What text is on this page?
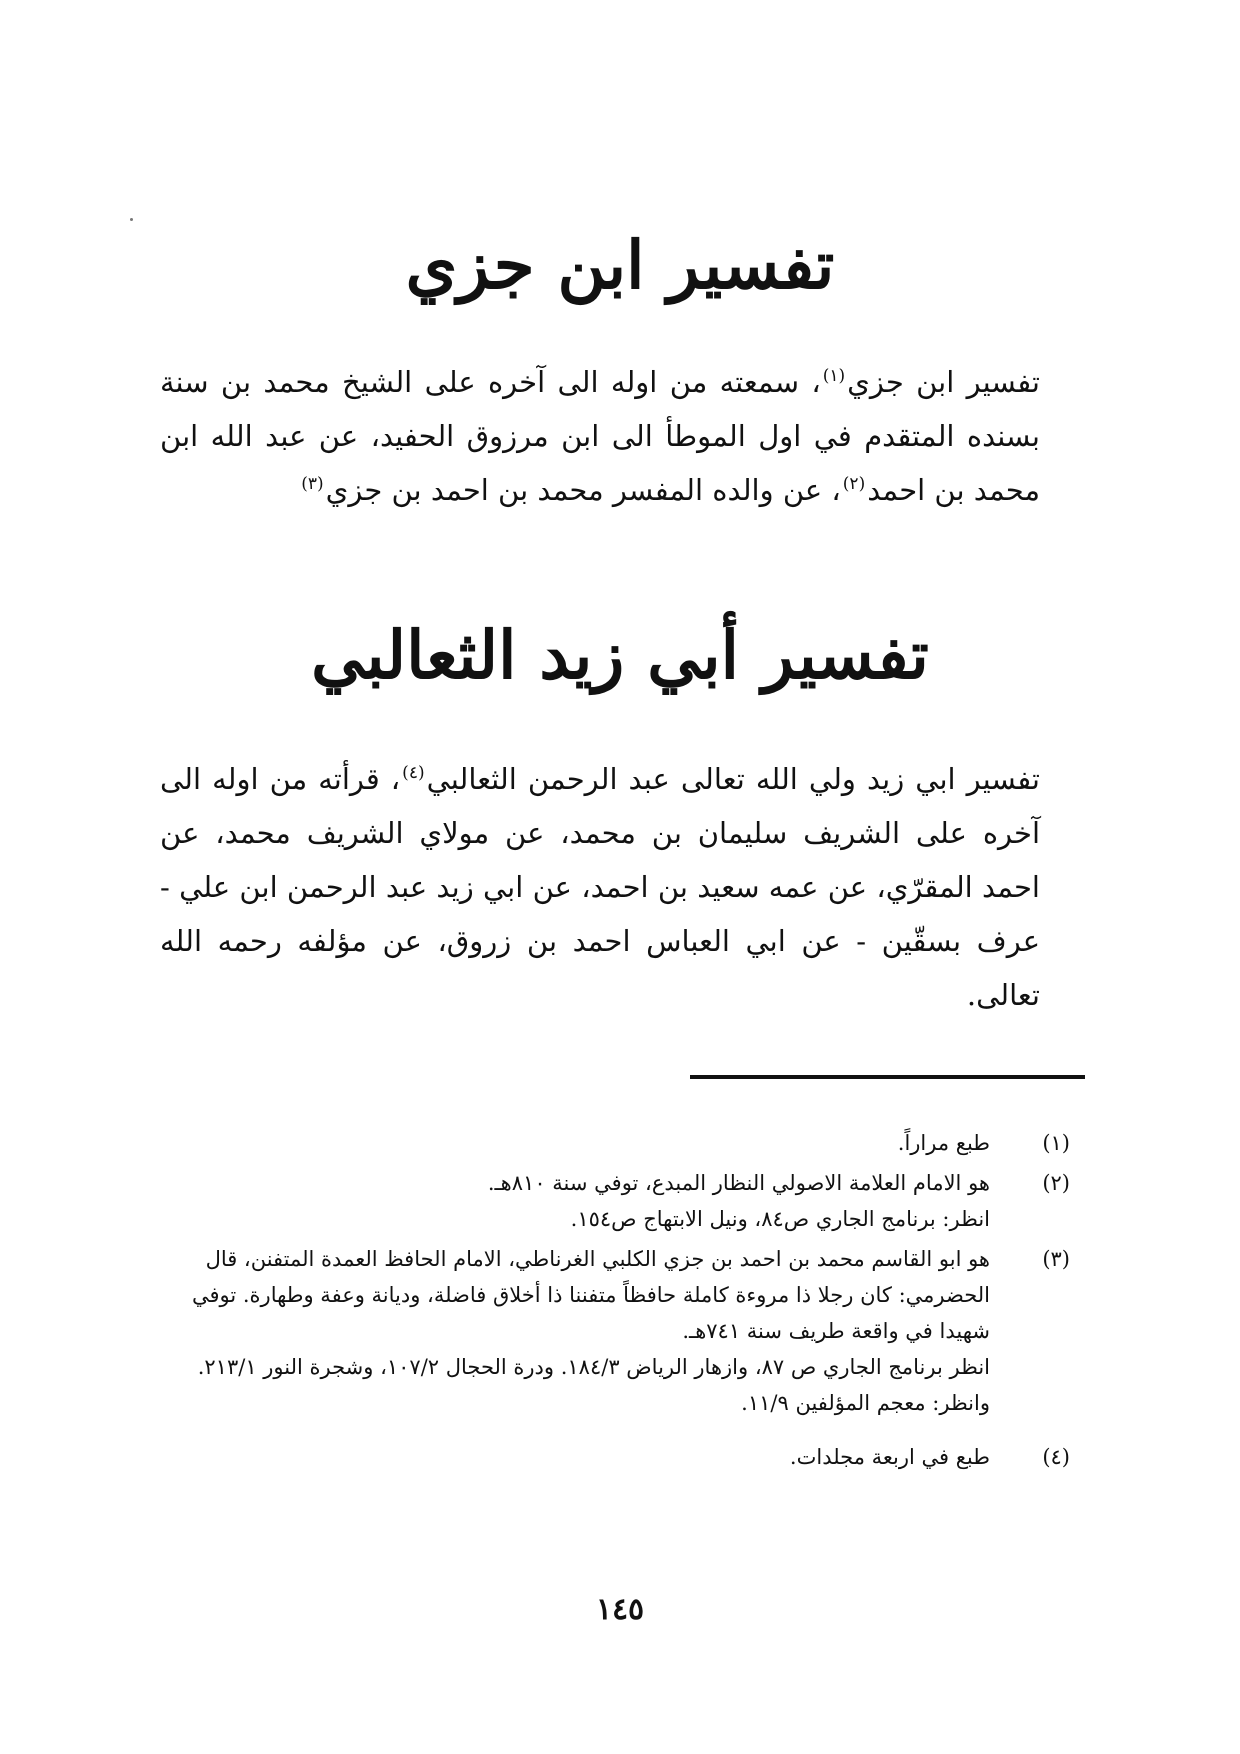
تفسير ابن جزي
تفسير ابن جزي$^{(١)}$، سمعته من اوله الى آخره على الشيخ محمد بن سنة بسنده المتقدم في اول الموطأ الى ابن مرزوق الحفيد، عن عبد الله ابن محمد بن احمد$^{(٢)}$، عن والده المفسر محمد بن احمد بن جزي$^{(٣)}$
تفسير أبي زيد الثعالبي
تفسير ابي زيد ولي الله تعالى عبد الرحمن الثعالبي$^{(٤)}$، قرأته من اوله الى آخره على الشريف سليمان بن محمد، عن مولاي الشريف محمد، عن احمد المقرّي، عن عمه سعيد بن احمد، عن ابي زيد عبد الرحمن ابن علي - عرف بسقّين - عن ابي العباس احمد بن زروق، عن مؤلفه رحمه الله تعالى.
(١)
طبع مراراً.
(٢)
هو الامام العلامة الاصولي النظار المبدع، توفي سنة ٨١٠هـ.
انظر: برنامج الجاري ص٨٤، ونيل الابتهاج ص١٥٤.
(٣)
هو ابو القاسم محمد بن احمد بن جزي الكلبي الغرناطي، الامام الحافظ العمدة المتفنن، قال الحضرمي: كان رجلا ذا مروءة كاملة حافظاً متفننا ذا أخلاق فاضلة، وديانة وعفة وطهارة. توفي شهيدا في واقعة طريف سنة ٧٤١هـ.
انظر برنامج الجاري ص ٨٧، وازهار الرياض ١٨٤/٣. ودرة الحجال ١٠٧/٢، وشجرة النور ٢١٣/١. وانظر: معجم المؤلفين ١١/٩.
(٤)
طبع في اربعة مجلدات.
١٤٥
